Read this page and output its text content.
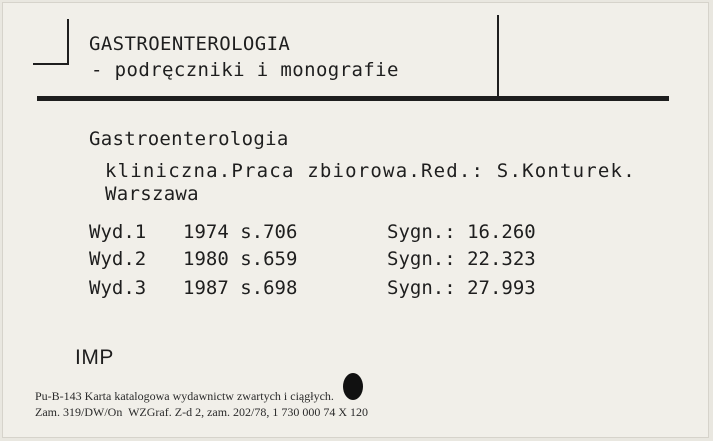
GASTROENTEROLOGIA
- podręczniki i monografie
Gastroenterologia
kliniczna.Praca zbiorowa.Red.: S.Konturek.
Warszawa
Wyd.1 1974 s.706	Sygn.: 16.260
Wyd.2 1980 s.659	Sygn.: 22.323
Wyd.3 1987 s.698	Sygn.: 27.993
IMP
Pu-B-143 Karta katalogowa wydawnictw zwartych i ciągłych.
Zam. 319/DW/On  WZGraf. Z-d 2, zam. 202/78, 1 730 000 74 X 120
